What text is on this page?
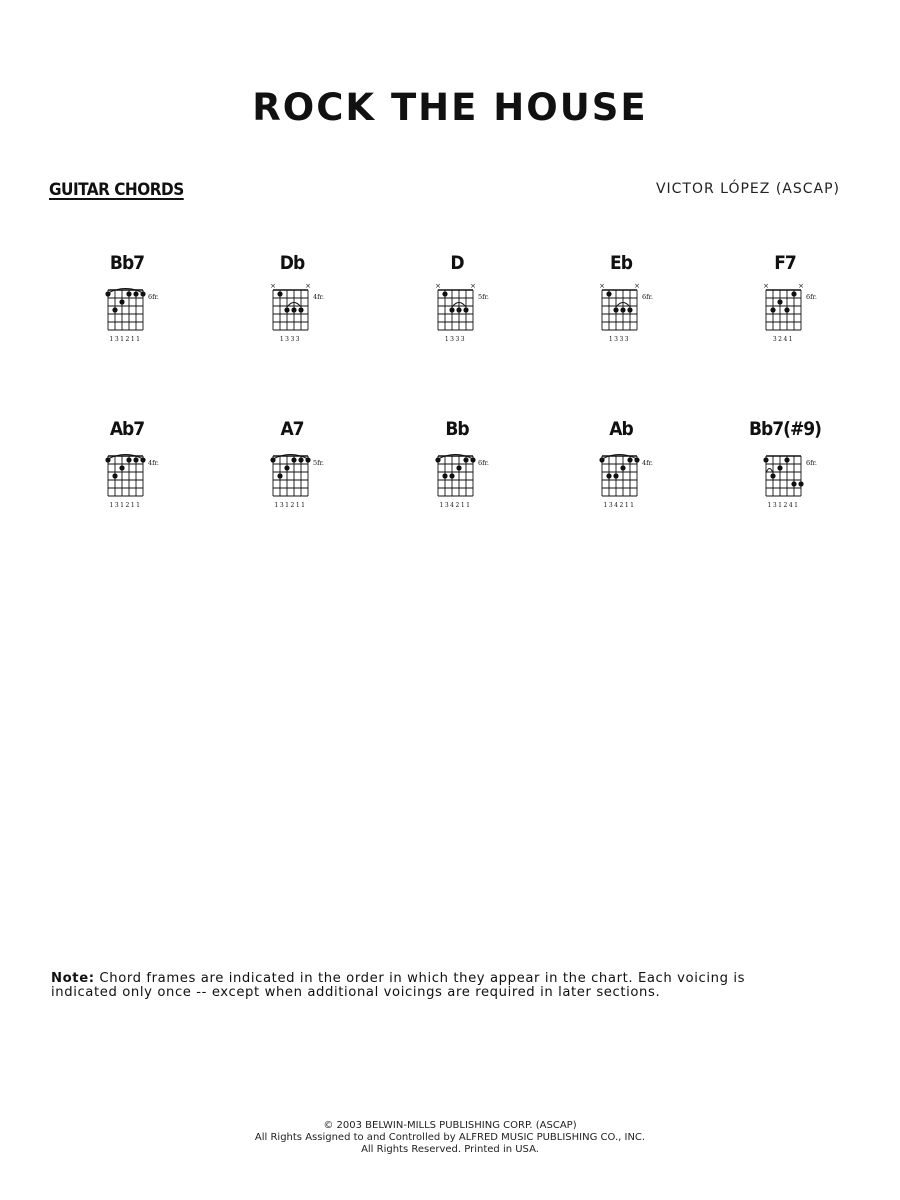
ROCK THE HOUSE
GUITAR CHORDS	VICTOR LÓPEZ (ASCAP)
Bb7
6fr.
131211
Db
×	×
4fr.
1333
D
×	×
5fr.
1333
Eb
×	×
6fr.
1333
F7
×	×
6fr.
3241
Ab7
4fr.
131211
A7
5fr.
131211
Bb
6fr.
134211
Ab
4fr.
134211
Bb7(#9)
6fr.
131241
Note: Chord frames are indicated in the order in which they appear in the chart. Each voicing is indicated only once -- except when additional voicings are required in later sections.
© 2003 BELWIN-MILLS PUBLISHING CORP. (ASCAP)
All Rights Assigned to and Controlled by ALFRED MUSIC PUBLISHING CO., INC.
All Rights Reserved. Printed in USA.
